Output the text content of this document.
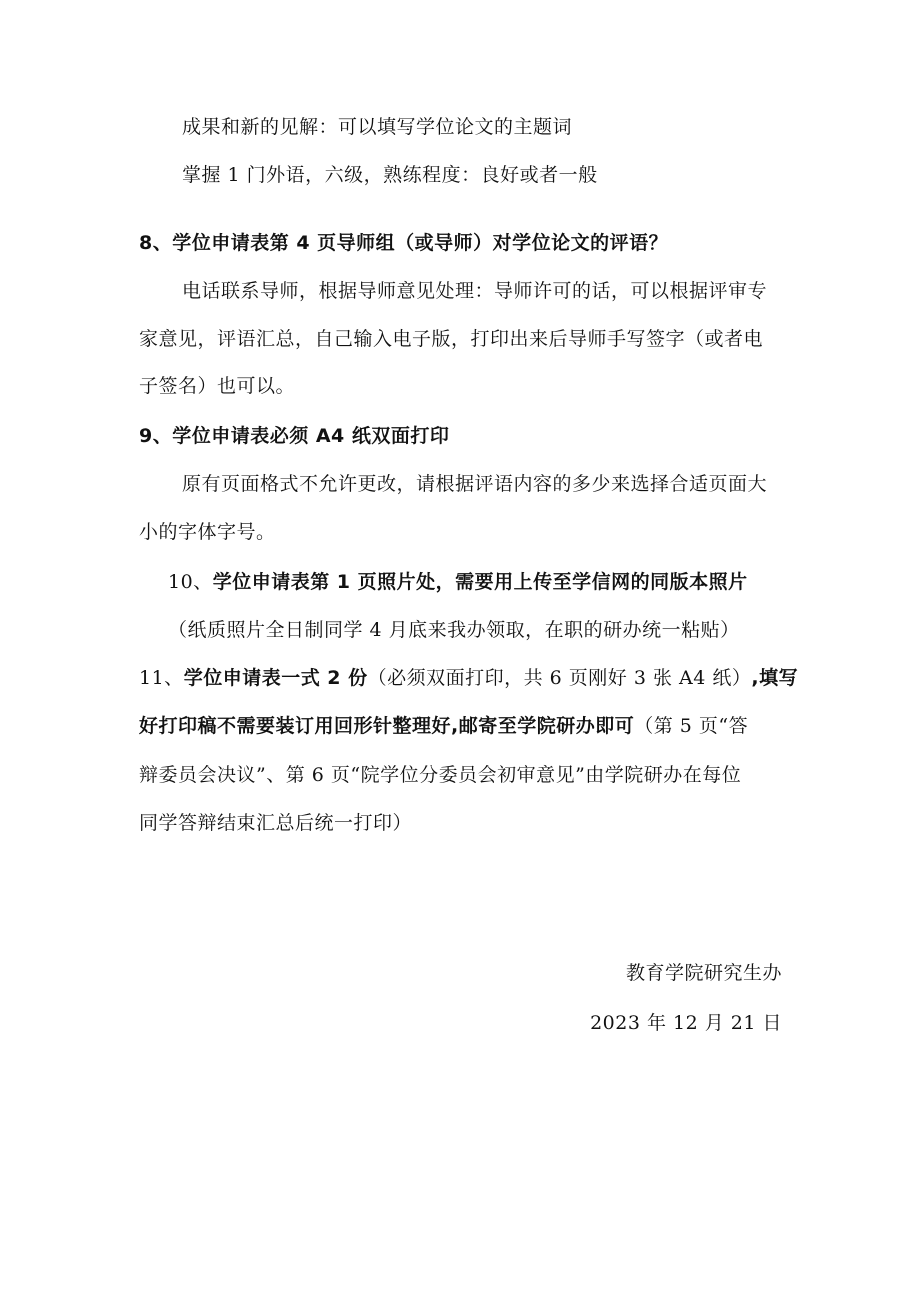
成果和新的见解：可以填写学位论文的主题词
掌握 1 门外语，六级，熟练程度：良好或者一般
8、学位申请表第 4 页导师组（或导师）对学位论文的评语？
电话联系导师，根据导师意见处理：导师许可的话，可以根据评审专
家意见，评语汇总，自己输入电子版，打印出来后导师手写签字（或者电
子签名）也可以。
9、学位申请表必须 A4 纸双面打印
原有页面格式不允许更改，请根据评语内容的多少来选择合适页面大
小的字体字号。
10、学位申请表第 1 页照片处，需要用上传至学信网的同版本照片
（纸质照片全日制同学 4 月底来我办领取，在职的研办统一粘贴）
11、学位申请表一式 2 份（必须双面打印，共 6 页刚好 3 张 A4 纸）,填写
好打印稿不需要装订用回形针整理好,邮寄至学院研办即可（第 5 页“答
辩委员会决议”、第 6 页“院学位分委员会初审意见”由学院研办在每位
同学答辩结束汇总后统一打印）
教育学院研究生办
2023 年 12 月 21 日
